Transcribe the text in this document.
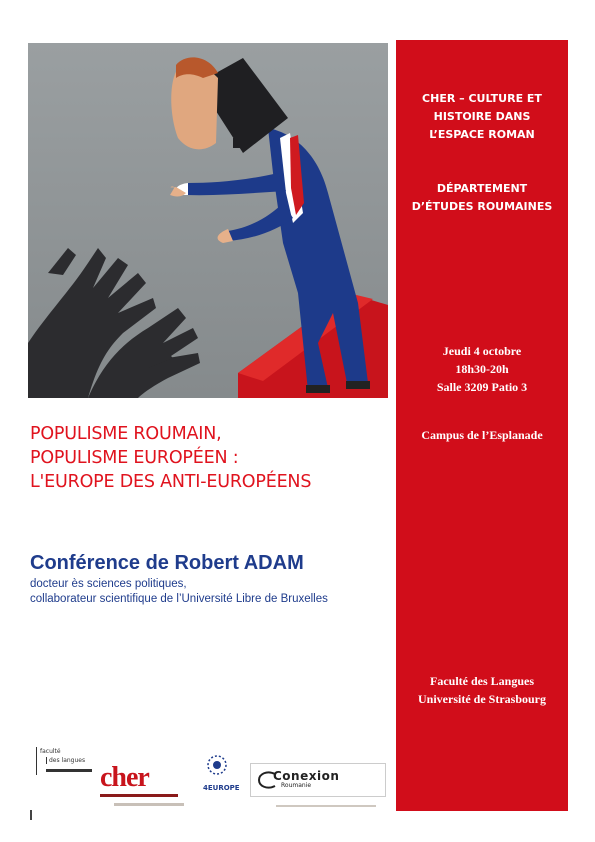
CHER – CULTURE ET
HISTOIRE DANS
L’ESPACE ROMAN
DÉPARTEMENT
D’ÉTUDES ROUMAINES
Jeudi 4 octobre
18h30-20h
Salle 3209 Patio 3
Campus de l’Esplanade
Faculté des Langues
Université de Strasbourg
POPULISME ROUMAIN,
POPULISME EUROPÉEN :
L'EUROPE DES ANTI-EUROPÉENS
Conférence de Robert ADAM
docteur ès sciences politiques,
collaborateur scientifique de l’Université Libre de Bruxelles
faculté
des langues
cher	4EUROPE
Conexion
Roumanie
